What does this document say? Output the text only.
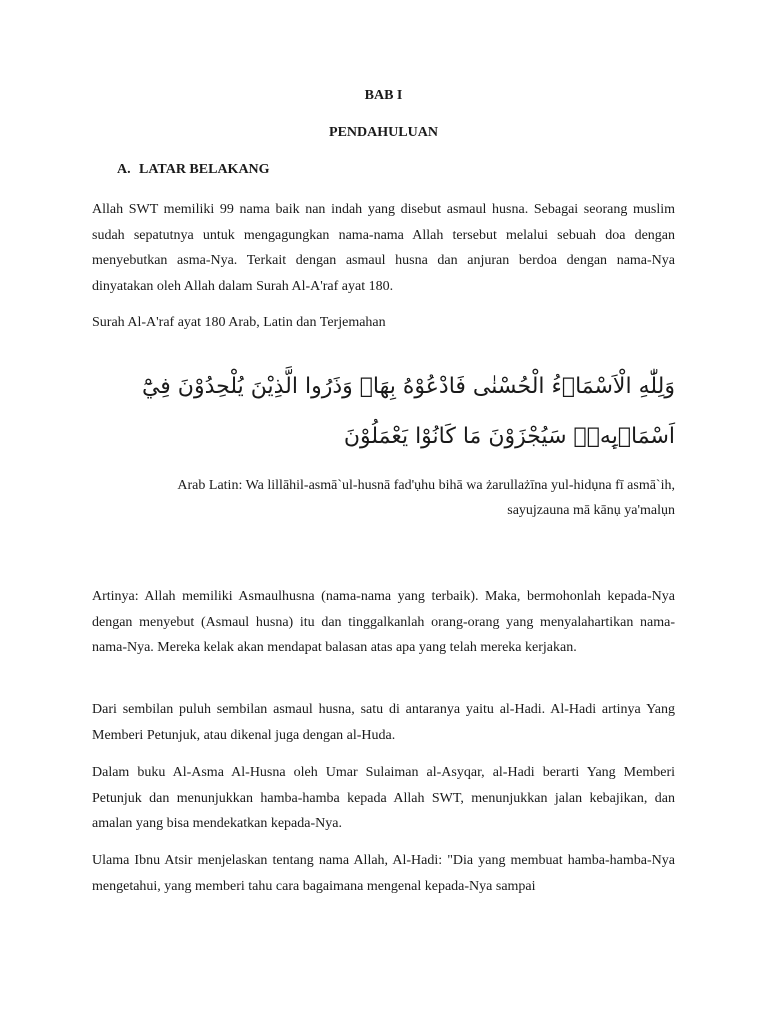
BAB I
PENDAHULUAN
A. LATAR BELAKANG

Allah SWT memiliki 99 nama baik nan indah yang disebut asmaul husna. Sebagai seorang muslim sudah sepatutnya untuk mengagungkan nama-nama Allah tersebut melalui sebuah doa dengan menyebutkan asma-Nya. Terkait dengan asmaul husna dan anjuran berdoa dengan nama-Nya dinyatakan oleh Allah dalam Surah Al-A'raf ayat 180.

Surah Al-A'raf ayat 180 Arab, Latin dan Terjemahan

وَلِلّٰهِ الْاَسْمَاۤءُ الْحُسْنٰى فَادْعُوْهُ بِهَاۖ وَذَرُوا الَّذِيْنَ يُلْحِدُوْنَ فِيْٓ اَسْمَاۤىِٕهٖۗ سَيُجْزَوْنَ مَا كَانُوْا يَعْمَلُوْنَ

Arab Latin: Wa lillāhil-asmā`ul-husnā fad'ụhu bihā wa żarullażīna yul-hidụna fī asmā`ih, sayujzauna mā kānụ ya'malụn

Artinya: Allah memiliki Asmaulhusna (nama-nama yang terbaik). Maka, bermohonlah kepada-Nya dengan menyebut (Asmaul husna) itu dan tinggalkanlah orang-orang yang menyalahartikan nama-nama-Nya. Mereka kelak akan mendapat balasan atas apa yang telah mereka kerjakan.

Dari sembilan puluh sembilan asmaul husna, satu di antaranya yaitu al-Hadi. Al-Hadi artinya Yang Memberi Petunjuk, atau dikenal juga dengan al-Huda.

Dalam buku Al-Asma Al-Husna oleh Umar Sulaiman al-Asyqar, al-Hadi berarti Yang Memberi Petunjuk dan menunjukkan hamba-hamba kepada Allah SWT, menunjukkan jalan kebajikan, dan amalan yang bisa mendekatkan kepada-Nya.

Ulama Ibnu Atsir menjelaskan tentang nama Allah, Al-Hadi: "Dia yang membuat hamba-hamba-Nya mengetahui, yang memberi tahu cara bagaimana mengenal kepada-Nya sampai
